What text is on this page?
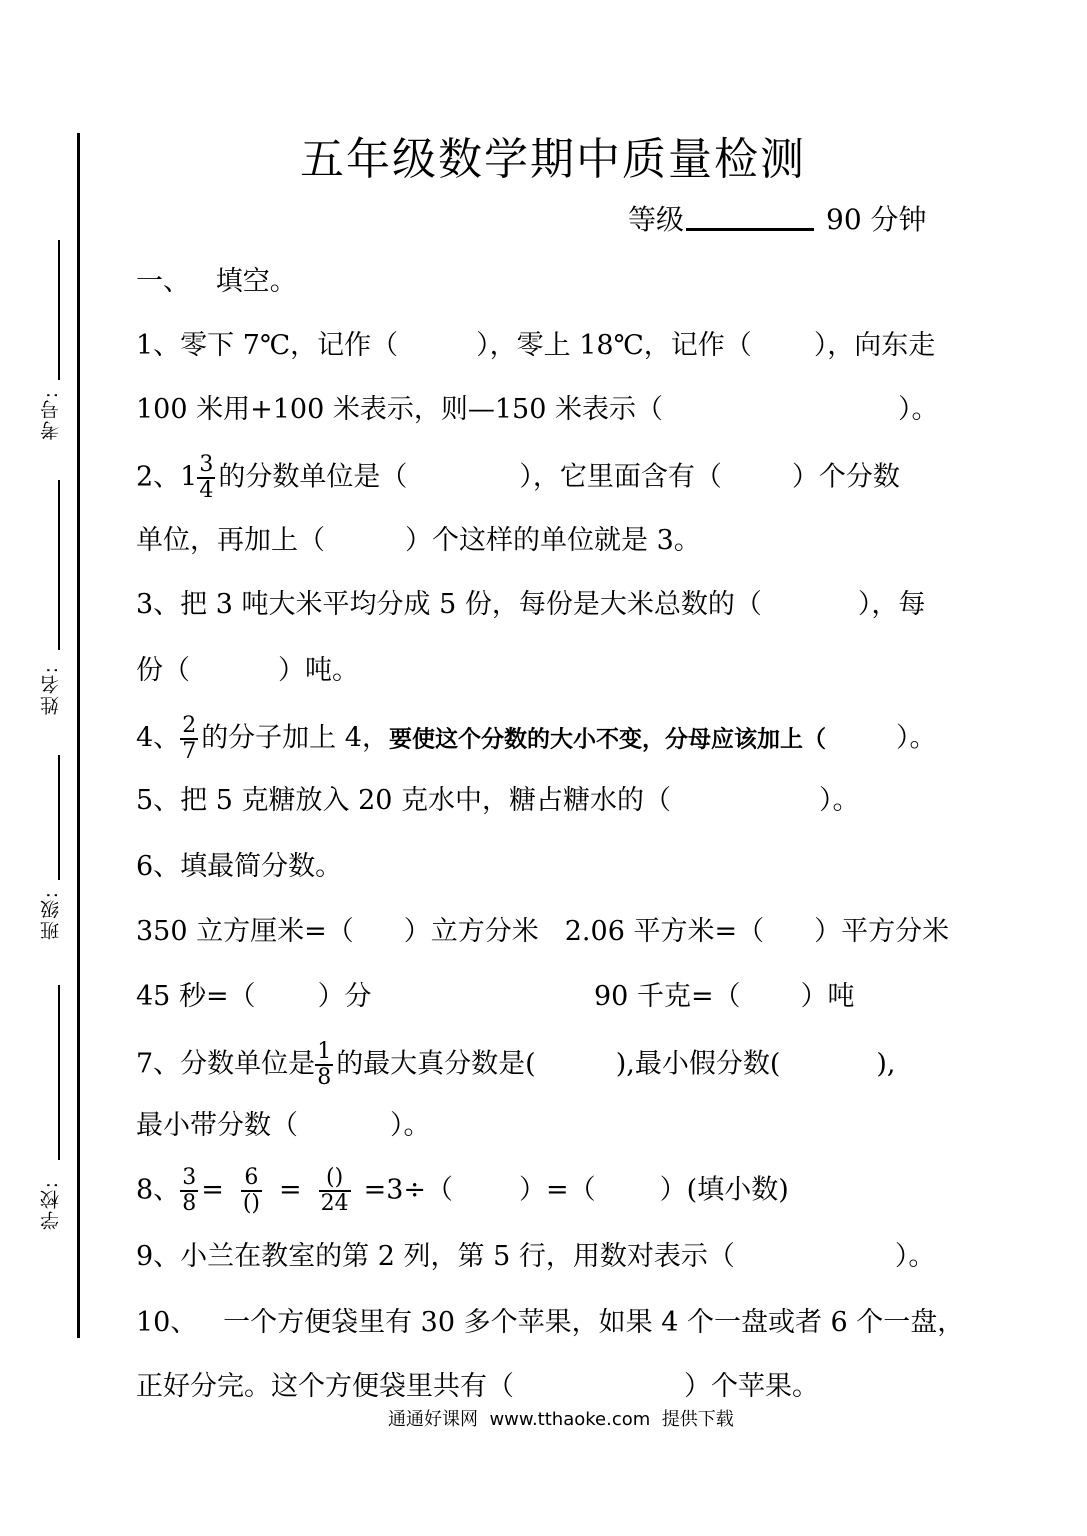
考号:
姓名:
班级:
学校:
五年级数学期中质量检测
等级	90 分钟
一、   填空。
1、零下 7℃，记作（	），零上 18℃，记作（ ），向东走
100 米用+100 米表示，则—150 米表示（	）。
2、$1 \frac{3}{4}$ 的分数单位是（	），它里面含有（	）个分数
单位，再加上（	）个这样的单位就是 3。
3、把 3 吨大米平均分成 5 份，每份是大米总数的（	），每
份（	）吨。
4、 $\frac{2}{7}$ 的分子加上 4，要使这个分数的大小不变，分母应该加上（	）。
5、把 5 克糖放入 20 克水中，糖占糖水的（	）。
6、填最简分数。
350 立方厘米=（ ）立方分米 2.06 平方米=（ ）平方分米
45 秒=（ ）分	90 千克=（ ）吨
7、分数单位是 $\frac{1}{8}$ 的最大真分数是(	),最小假分数(	),
最小带分数（	）。
8、 $\frac{3}{8} = \frac{6}{()} = \frac{()}{24} =3\div$（ ）=（ ）(填小数)
9、小兰在教室的第 2 列，第 5 行，用数对表示（	）。
10、   一个方便袋里有 30 多个苹果，如果 4 个一盘或者 6 个一盘，
正好分完。这个方便袋里共有（	）个苹果。
通通好课网  www.tthaoke.com  提供下载
